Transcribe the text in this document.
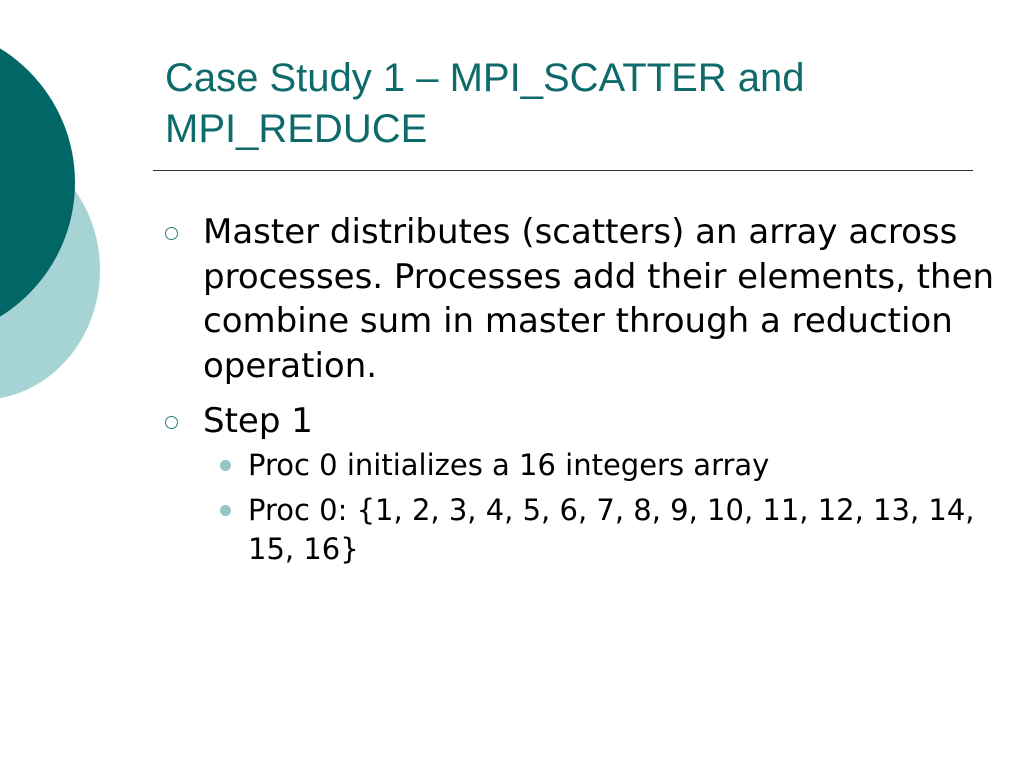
Case Study 1 – MPI_SCATTER and
MPI_REDUCE
Master distributes (scatters) an array across processes. Processes add their elements, then combine sum in master through a reduction operation.
Step 1
Proc 0 initializes a 16 integers array
Proc 0: {1, 2, 3, 4, 5, 6, 7, 8, 9, 10, 11, 12, 13, 14, 15, 16}
